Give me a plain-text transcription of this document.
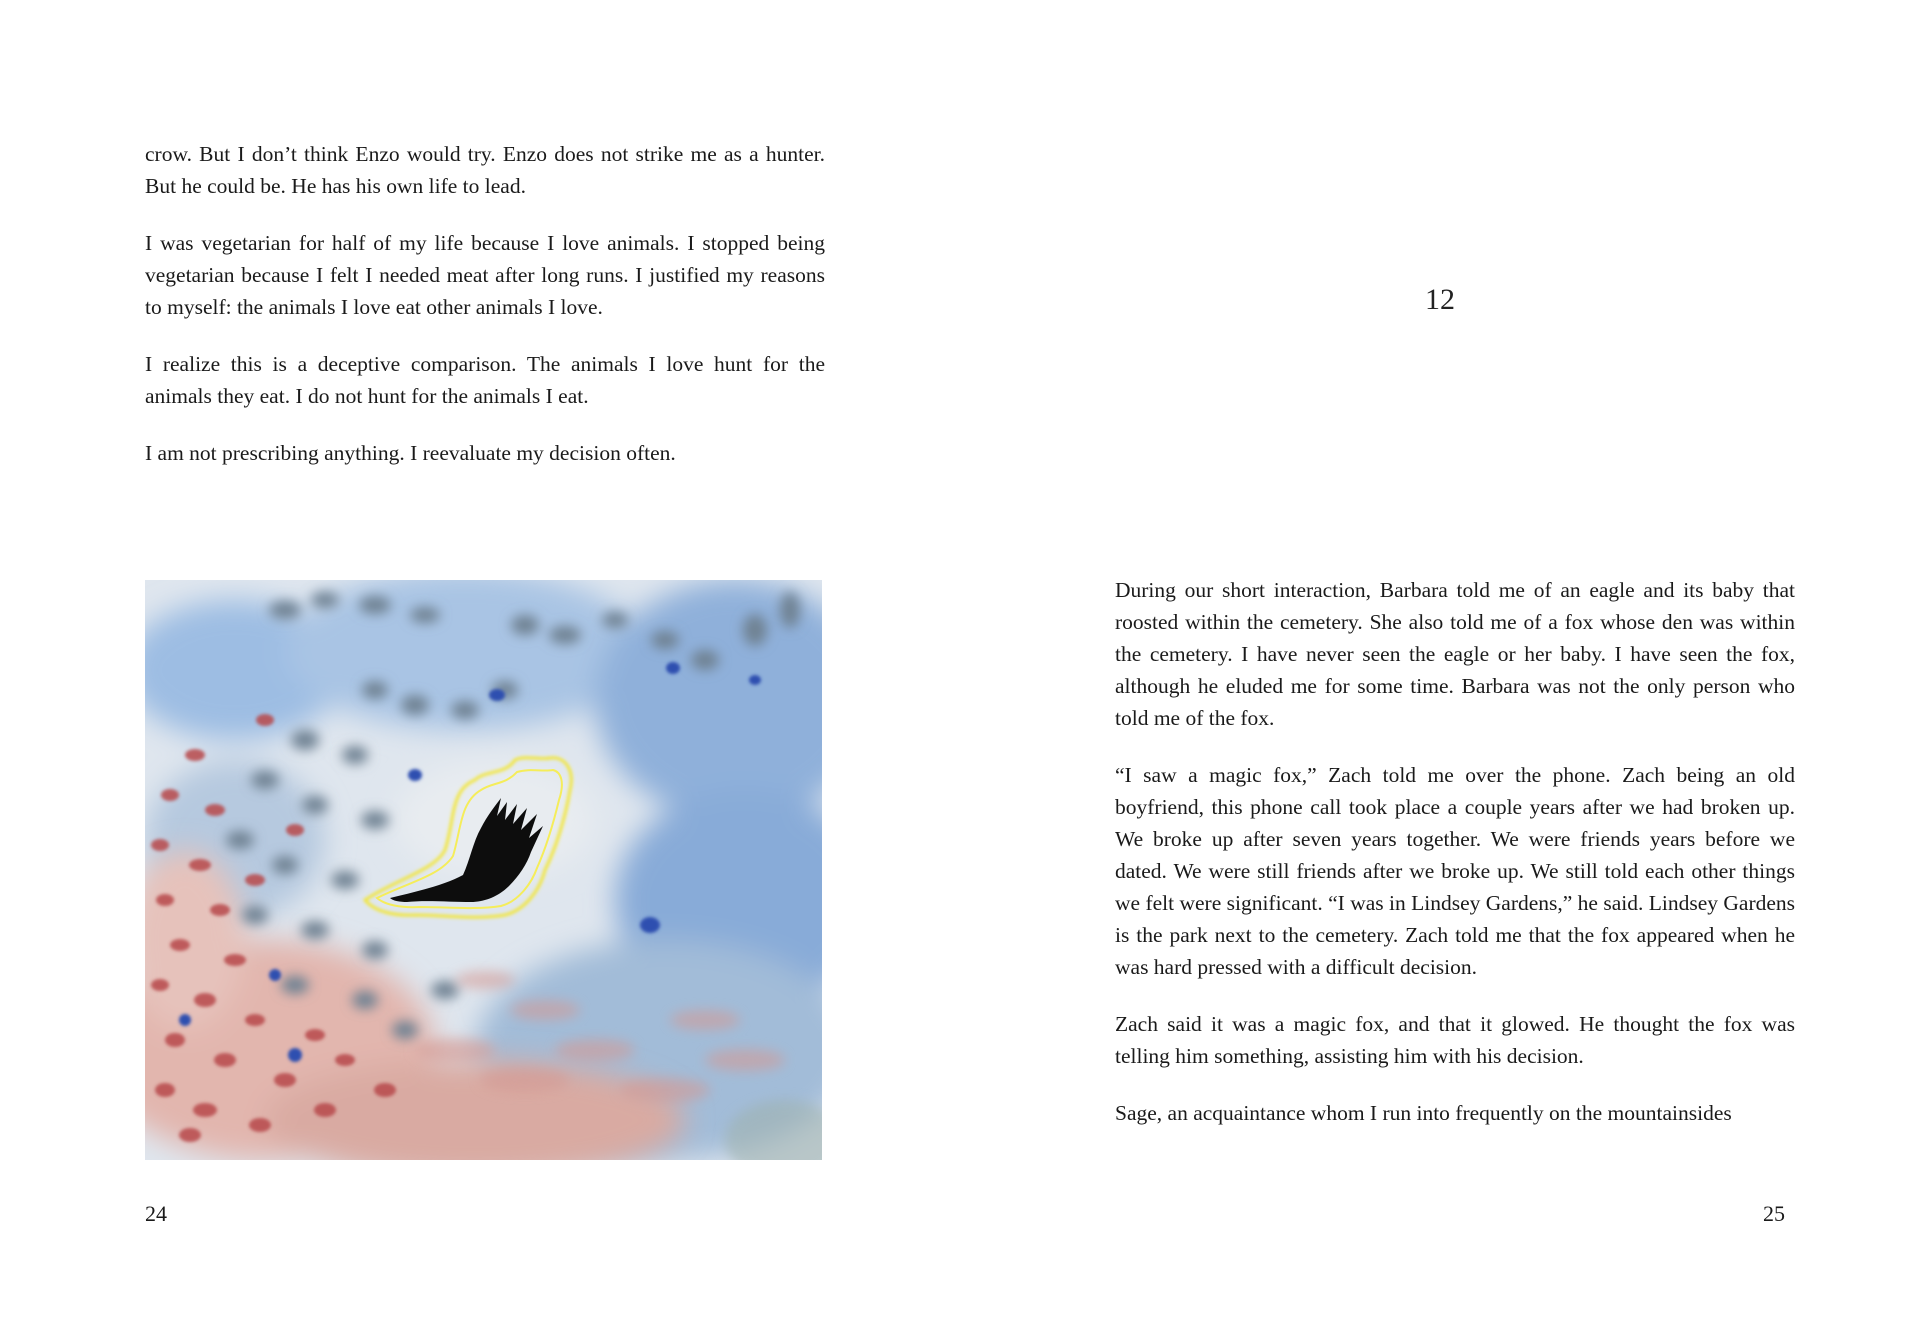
crow. But I don’t think Enzo would try. Enzo does not strike me as a hunter. But he could be. He has his own life to lead.

I was vegetarian for half of my life because I love animals. I stopped being vegetarian because I felt I needed meat after long runs. I justified my reasons to myself: the animals I love eat other animals I love.

I realize this is a deceptive comparison. The animals I love hunt for the animals they eat. I do not hunt for the animals I eat.

I am not prescribing anything. I reevaluate my decision often.

24
12

During our short interaction, Barbara told me of an eagle and its baby that roosted within the cemetery. She also told me of a fox whose den was within the cemetery. I have never seen the eagle or her baby. I have seen the fox, although he eluded me for some time. Barbara was not the only person who told me of the fox.

“I saw a magic fox,” Zach told me over the phone. Zach being an old boyfriend, this phone call took place a couple years after we had broken up. We broke up after seven years together. We were friends years before we dated. We were still friends after we broke up. We still told each other things we felt were significant. “I was in Lindsey Gardens,” he said. Lindsey Gardens is the park next to the cemetery. Zach told me that the fox appeared when he was hard pressed with a difficult decision.

Zach said it was a magic fox, and that it glowed. He thought the fox was telling him something, assisting him with his decision.

Sage, an acquaintance whom I run into frequently on the mountainsides

25
